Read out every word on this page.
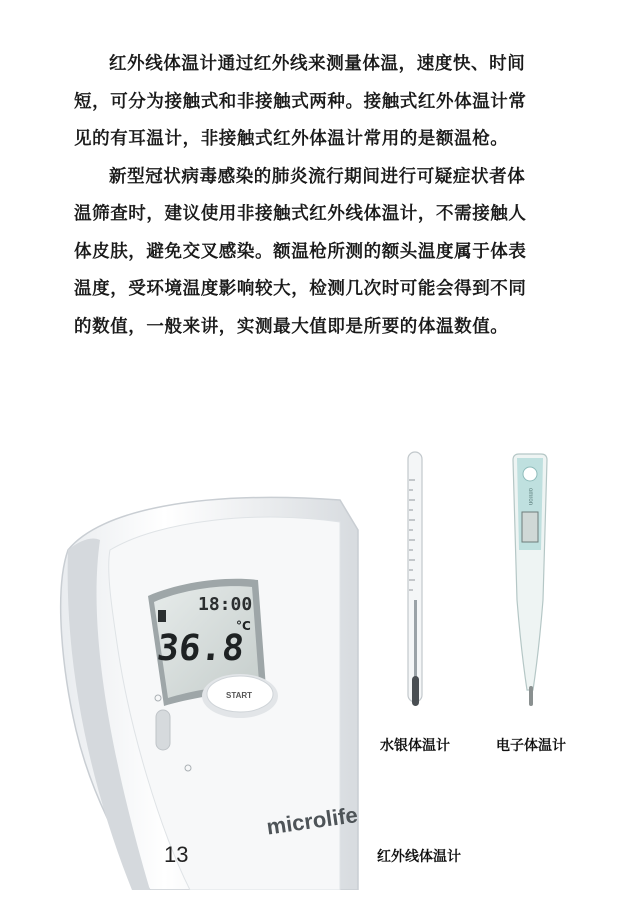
红外线体温计通过红外线来测量体温，速度快、时间短，可分为接触式和非接触式两种。接触式红外体温计常见的有耳温计，非接触式红外体温计常用的是额温枪。

新型冠状病毒感染的肺炎流行期间进行可疑症状者体温筛查时，建议使用非接触式红外线体温计，不需接触人体皮肤，避免交叉感染。额温枪所测的额头温度属于体表温度，受环境温度影响较大，检测几次时可能会得到不同的数值，一般来讲，实测最大值即是所要的体温数值。

18:00
36.8
°C
START
microlife
水银体温计
omron
电子体温计
红外线体温计
13
